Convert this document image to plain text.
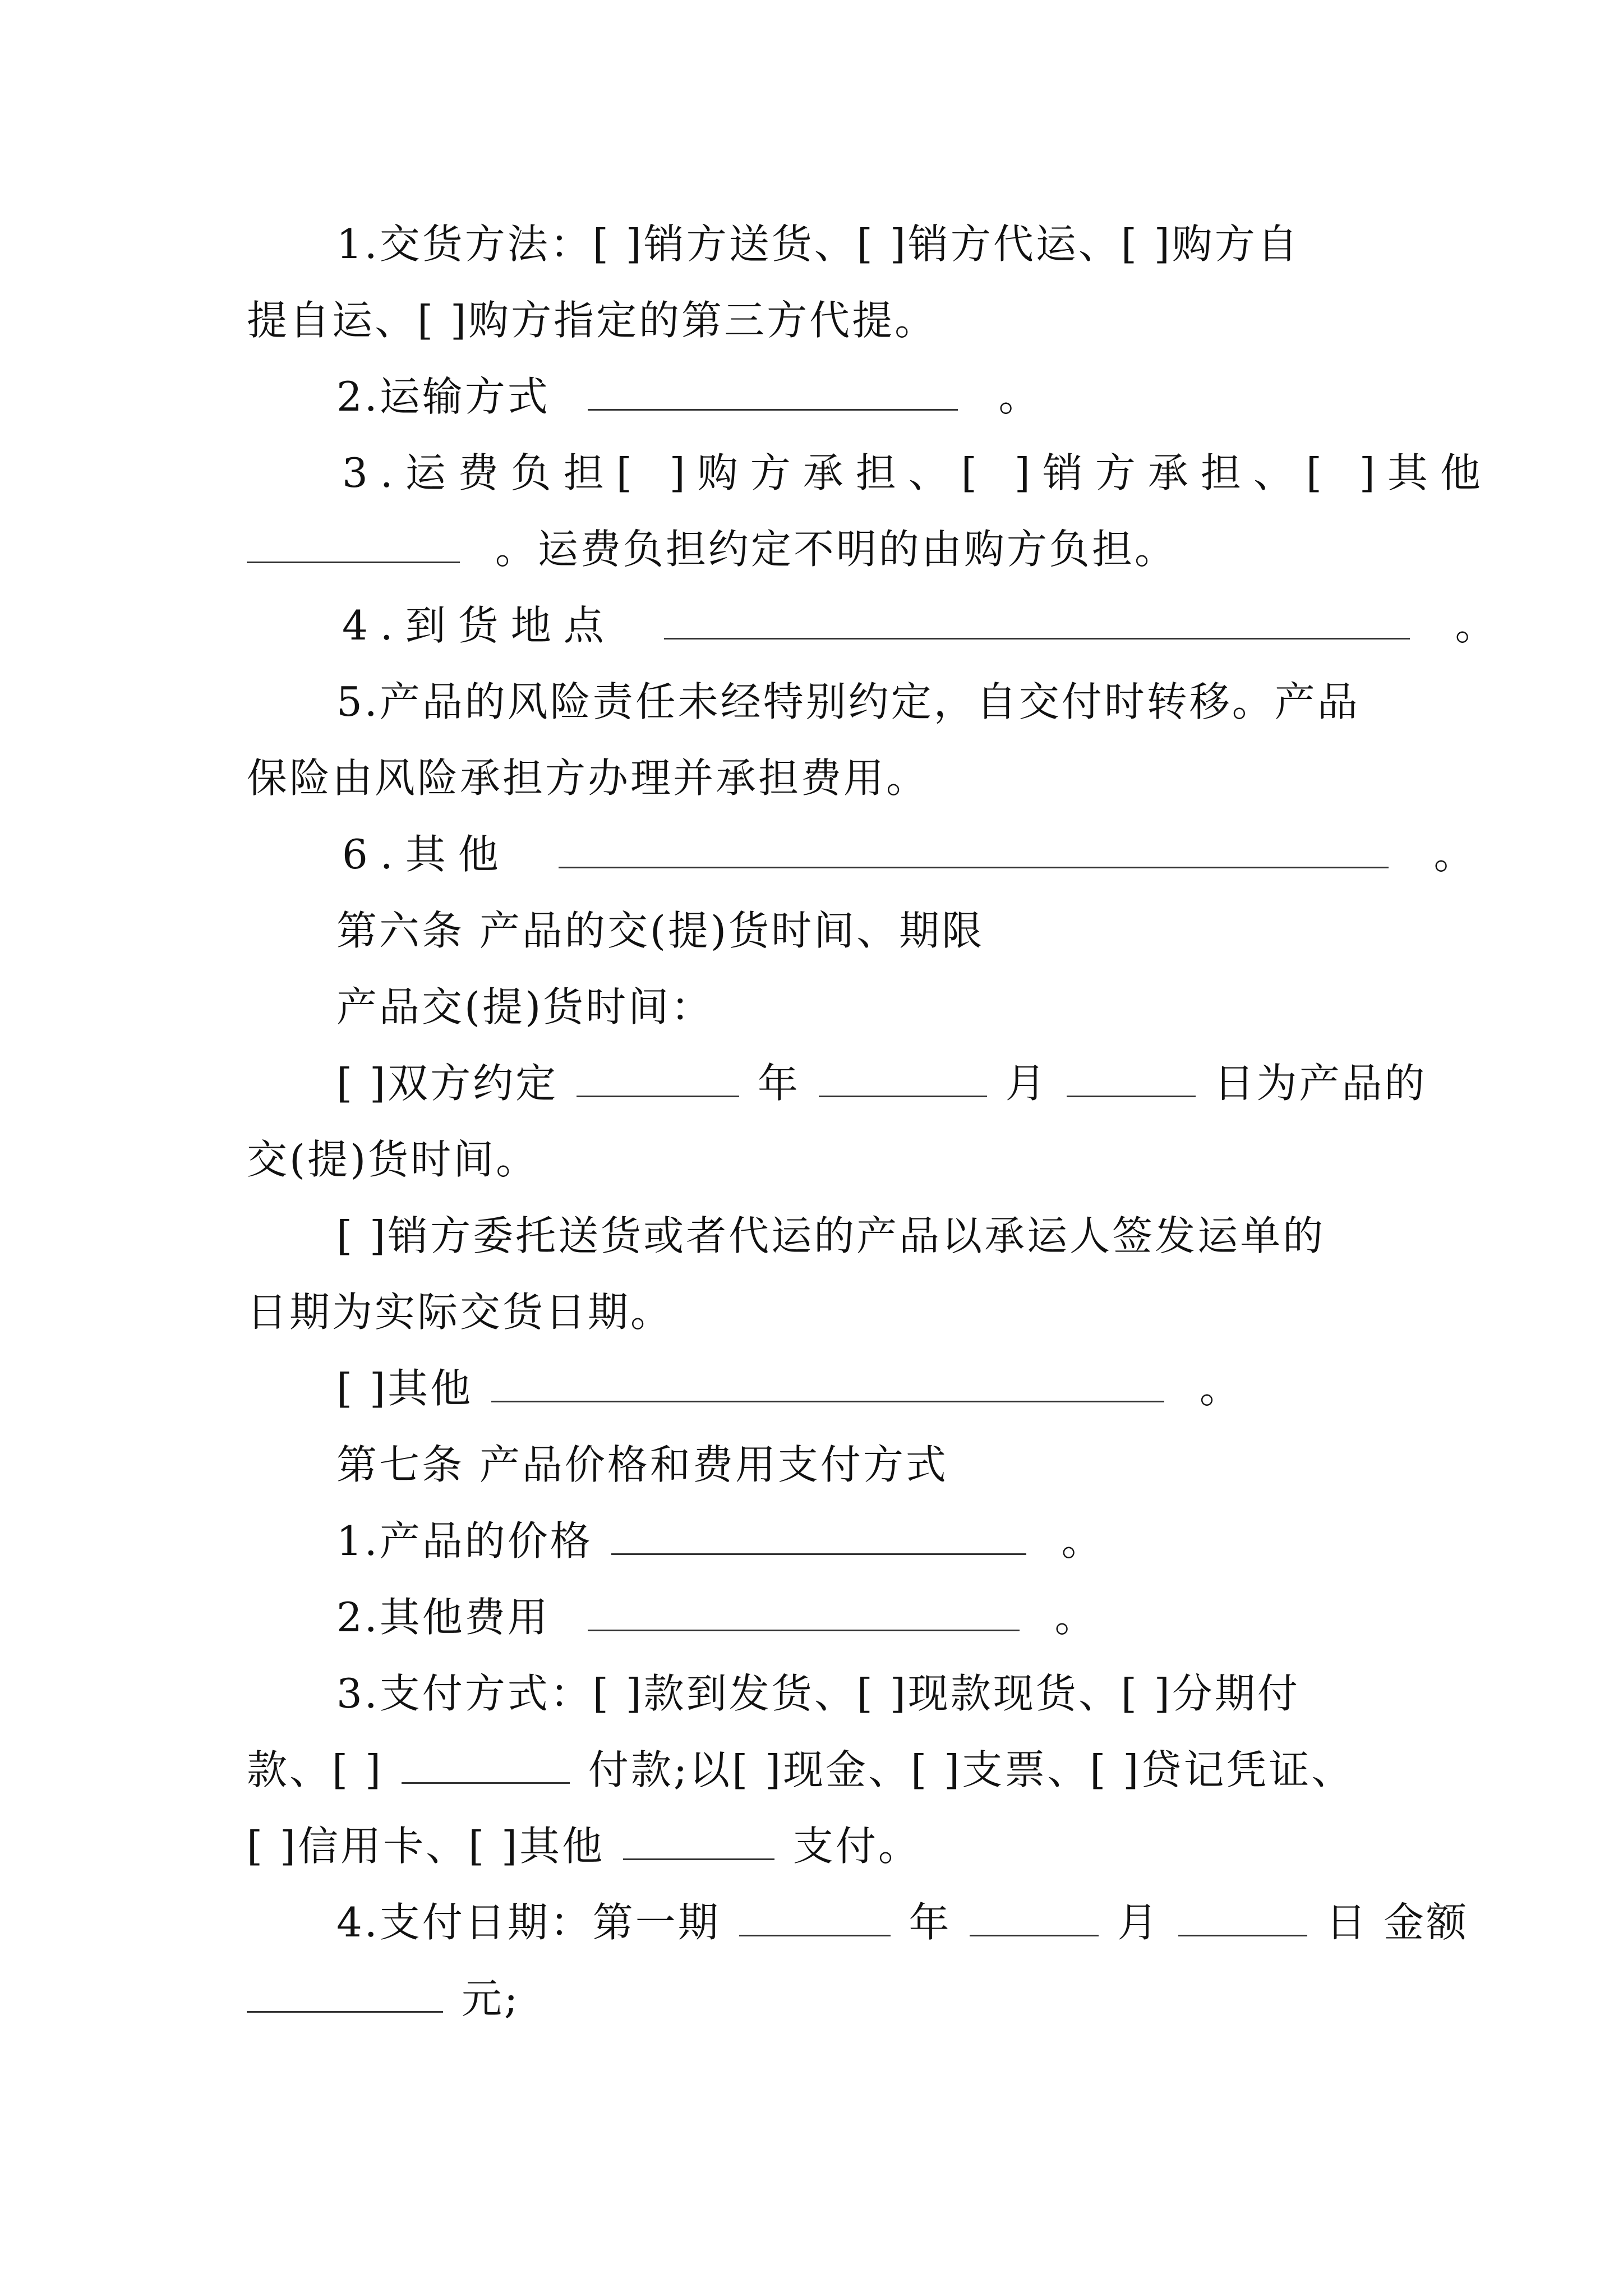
1.交货方法：[ ]销方送货、[ ]销方代运、[ ]购方自
提自运、[ ]购方指定的第三方代提。
2.运输方式	。
3.运费负担[ ]购方承担、[ ]销方承担、[ ]其他
。运费负担约定不明的由购方负担。
4.到货地点	。
5.产品的风险责任未经特别约定，自交付时转移。产品
保险由风险承担方办理并承担费用。
6.其他	。
第六条 产品的交(提)货时间、期限
产品交(提)货时间：
[ ]双方约定	年	月	日为产品的
交(提)货时间。
[ ]销方委托送货或者代运的产品以承运人签发运单的
日期为实际交货日期。
[ ]其他	。
第七条 产品价格和费用支付方式
1.产品的价格	。
2.其他费用	。
3.支付方式：[ ]款到发货、[ ]现款现货、[ ]分期付
款、[ ]	付款;以[ ]现金、[ ]支票、[ ]贷记凭证、
[ ]信用卡、[ ]其他	支付。
4.支付日期：第一期	年	月	日 金额
元;
